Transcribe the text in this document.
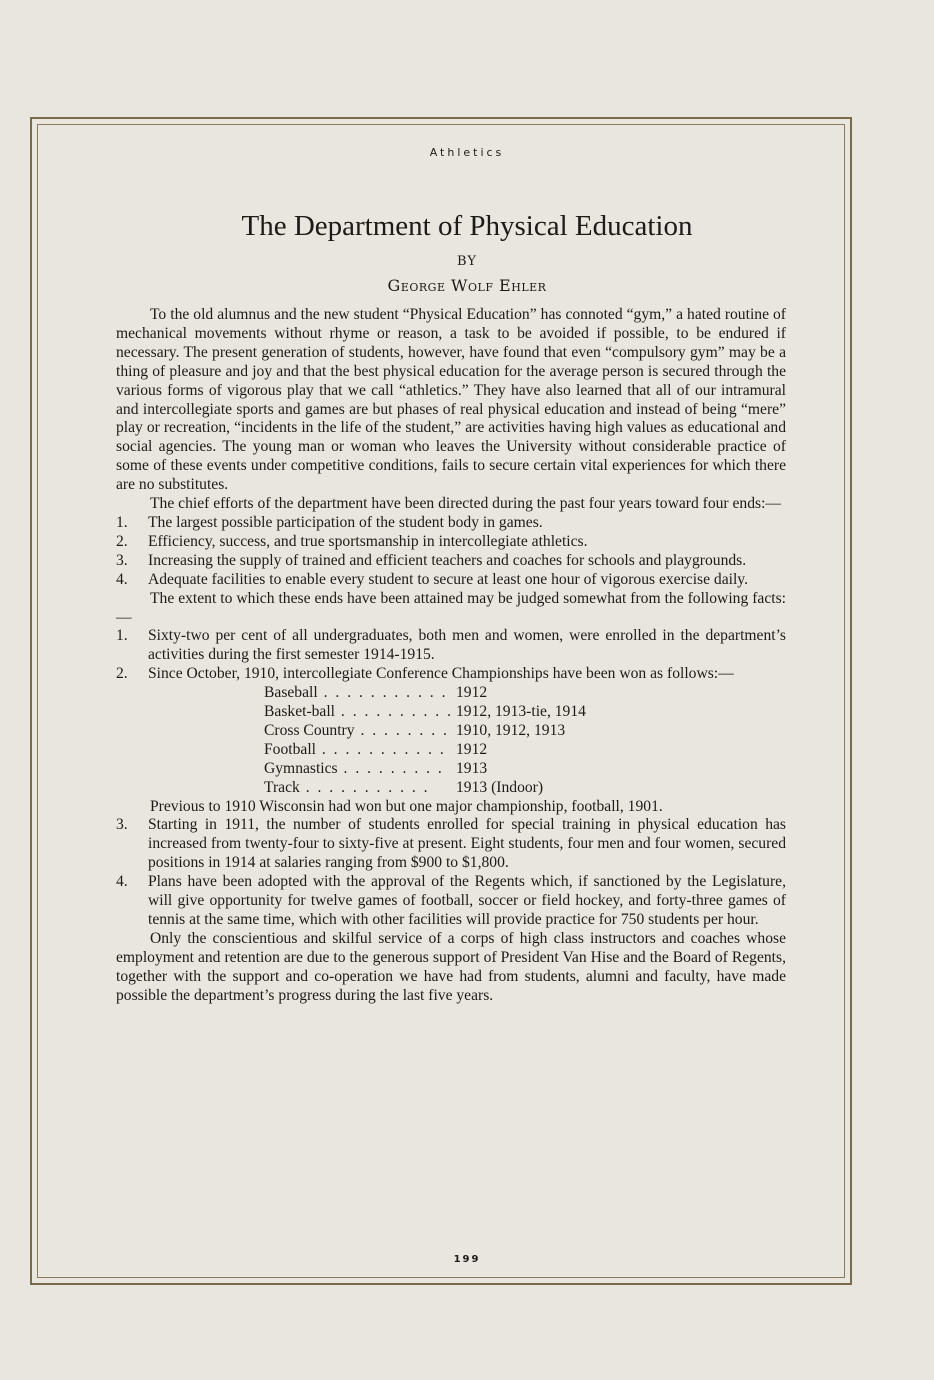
Athletics
The Department of Physical Education
BY
George Wolf Ehler

To the old alumnus and the new student “Physical Education” has connoted “gym,” a hated routine of mechanical movements without rhyme or reason, a task to be avoided if possible, to be endured if necessary. The present generation of students, however, have found that even “compulsory gym” may be a thing of pleasure and joy and that the best physical education for the average person is secured through the various forms of vigorous play that we call “athletics.” They have also learned that all of our intramural and intercollegiate sports and games are but phases of real physical education and instead of being “mere” play or recreation, “incidents in the life of the student,” are activities having high values as educational and social agencies. The young man or woman who leaves the University without considerable practice of some of these events under competitive conditions, fails to secure certain vital experiences for which there are no substitutes.

The chief efforts of the department have been directed during the past four years toward four ends:—

1. The largest possible participation of the student body in games.
2. Efficiency, success, and true sportsmanship in intercollegiate athletics.
3. Increasing the supply of trained and efficient teachers and coaches for schools and playgrounds.
4. Adequate facilities to enable every student to secure at least one hour of vigorous exercise daily.

The extent to which these ends have been attained may be judged somewhat from the following facts:—

1. Sixty-two per cent of all undergraduates, both men and women, were enrolled in the department’s activities during the first semester 1914-1915.
2. Since October, 1910, intercollegiate Conference Championships have been won as follows:—
Baseball . .	1912
Basket-ball . .	1912, 1913-tie, 1914
Cross Country . .	1910, 1912, 1913
Football . .	1912
Gymnastics . .	1913
Track . .	1913 (Indoor)

Previous to 1910 Wisconsin had won but one major championship, football, 1901.

3. Starting in 1911, the number of students enrolled for special training in physical education has increased from twenty-four to sixty-five at present. Eight students, four men and four women, secured positions in 1914 at salaries ranging from $900 to $1,800.
4. Plans have been adopted with the approval of the Regents which, if sanctioned by the Legislature, will give opportunity for twelve games of football, soccer or field hockey, and forty-three games of tennis at the same time, which with other facilities will provide practice for 750 students per hour.

Only the conscientious and skilful service of a corps of high class instructors and coaches whose employment and retention are due to the generous support of President Van Hise and the Board of Regents, together with the support and co-operation we have had from students, alumni and faculty, have made possible the department’s progress during the last five years.

199
